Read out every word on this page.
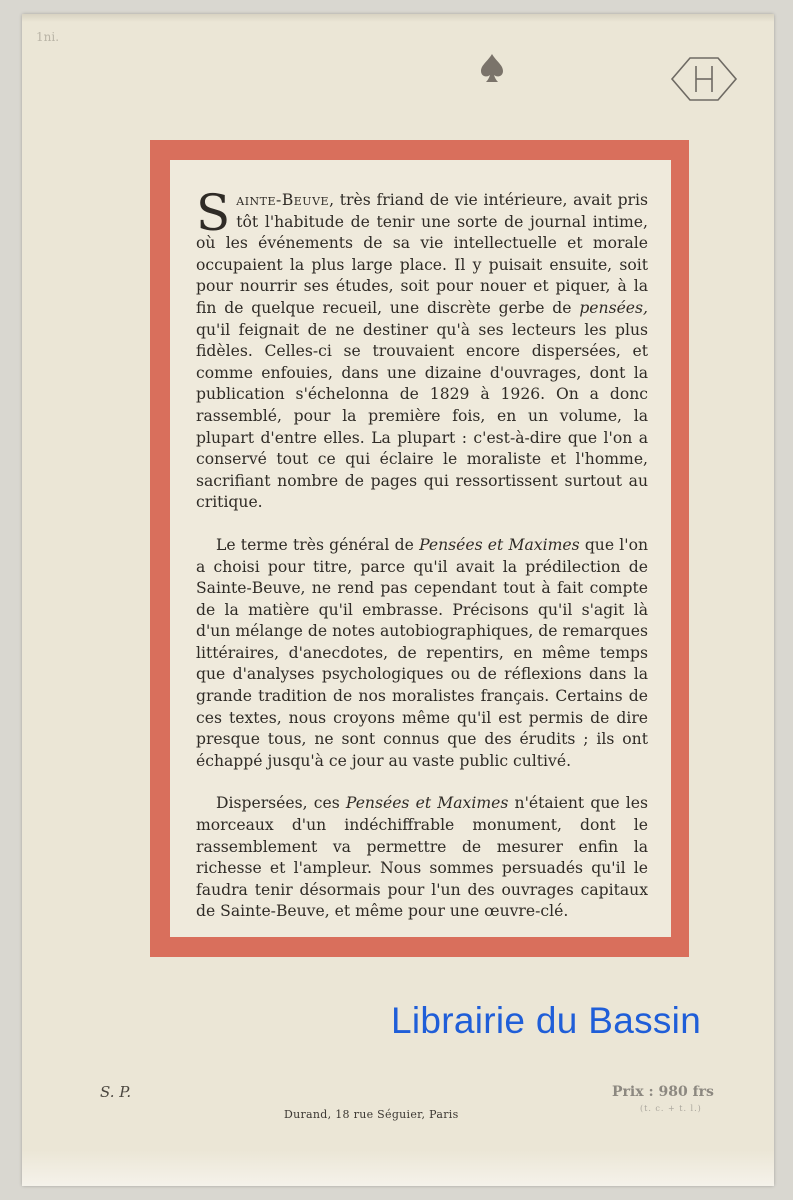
1ni.

Sainte-Beuve, très friand de vie intérieure, avait pris tôt l'habitude de tenir une sorte de journal intime, où les événements de sa vie intellectuelle et morale occupaient la plus large place. Il y puisait ensuite, soit pour nourrir ses études, soit pour nouer et piquer, à la fin de quelque recueil, une discrète gerbe de pensées, qu'il feignait de ne destiner qu'à ses lecteurs les plus fidèles. Celles-ci se trouvaient encore dispersées, et comme enfouies, dans une dizaine d'ouvrages, dont la publication s'échelonna de 1829 à 1926. On a donc rassemblé, pour la première fois, en un volume, la plupart d'entre elles. La plupart : c'est-à-dire que l'on a conservé tout ce qui éclaire le moraliste et l'homme, sacrifiant nombre de pages qui ressortissent surtout au critique.

Le terme très général de Pensées et Maximes que l'on a choisi pour titre, parce qu'il avait la prédilection de Sainte-Beuve, ne rend pas cependant tout à fait compte de la matière qu'il embrasse. Précisons qu'il s'agit là d'un mélange de notes autobiographiques, de remarques littéraires, d'anecdotes, de repentirs, en même temps que d'analyses psychologiques ou de réflexions dans la grande tradition de nos moralistes français. Certains de ces textes, nous croyons même qu'il est permis de dire presque tous, ne sont connus que des érudits ; ils ont échappé jusqu'à ce jour au vaste public cultivé.

Dispersées, ces Pensées et Maximes n'étaient que les morceaux d'un indéchiffrable monument, dont le rassemblement va permettre de mesurer enfin la richesse et l'ampleur. Nous sommes persuadés qu'il le faudra tenir désormais pour l'un des ouvrages capitaux de Sainte-Beuve, et même pour une œuvre-clé.

Librairie du Bassin
S. P.
Durand, 18 rue Séguier, Paris
Prix : 980 frs
(t. c. + t. l.)
